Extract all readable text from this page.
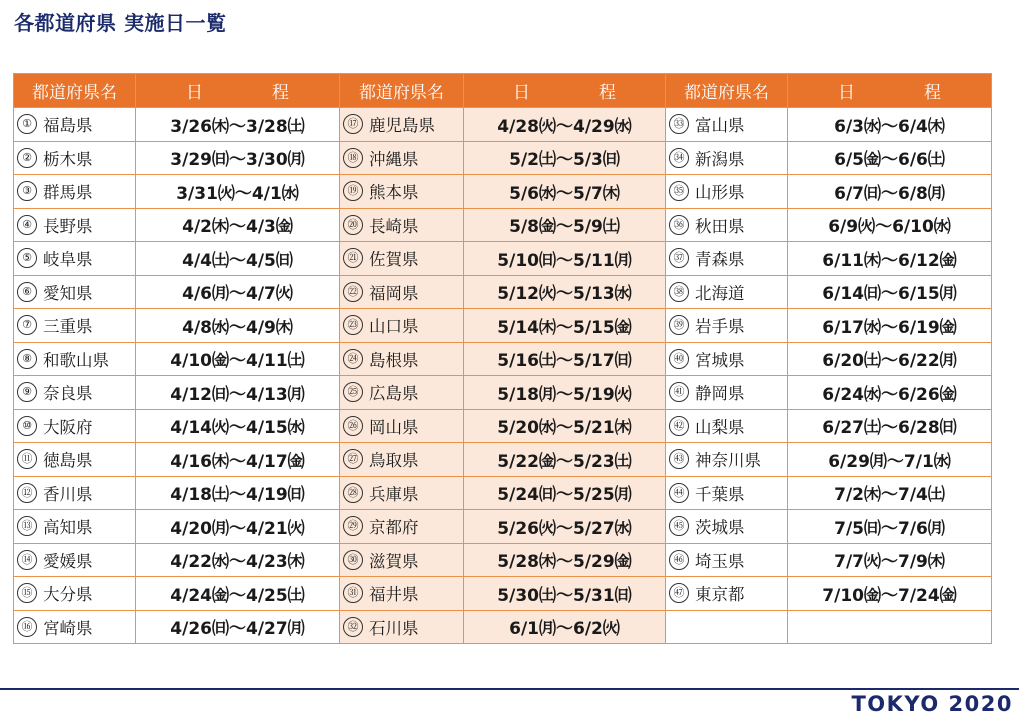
各都道府県 実施日一覧
都道府県名	日　程	都道府県名	日　程	都道府県名	日　程
① 福島県	3/26㈭～3/28㈯	⑰ 鹿児島県	4/28㈫～4/29㈬	㉝ 富山県	6/3㈬～6/4㈭
② 栃木県	3/29㈰～3/30㈪	⑱ 沖縄県	5/2㈯～5/3㈰	㉞ 新潟県	6/5㈮～6/6㈯
③ 群馬県	3/31㈫～4/1㈬	⑲ 熊本県	5/6㈬～5/7㈭	㉟ 山形県	6/7㈰～6/8㈪
④ 長野県	4/2㈭～4/3㈮	⑳ 長崎県	5/8㈮～5/9㈯	㊱ 秋田県	6/9㈫～6/10㈬
⑤ 岐阜県	4/4㈯～4/5㈰	㉑ 佐賀県	5/10㈰～5/11㈪	㊲ 青森県	6/11㈭～6/12㈮
⑥ 愛知県	4/6㈪～4/7㈫	㉒ 福岡県	5/12㈫～5/13㈬	㊳ 北海道	6/14㈰～6/15㈪
⑦ 三重県	4/8㈬～4/9㈭	㉓ 山口県	5/14㈭～5/15㈮	㊴ 岩手県	6/17㈬～6/19㈮
⑧ 和歌山県	4/10㈮～4/11㈯	㉔ 島根県	5/16㈯～5/17㈰	㊵ 宮城県	6/20㈯～6/22㈪
⑨ 奈良県	4/12㈰～4/13㈪	㉕ 広島県	5/18㈪～5/19㈫	㊶ 静岡県	6/24㈬～6/26㈮
⑩ 大阪府	4/14㈫～4/15㈬	㉖ 岡山県	5/20㈬～5/21㈭	㊷ 山梨県	6/27㈯～6/28㈰
⑪ 徳島県	4/16㈭～4/17㈮	㉗ 鳥取県	5/22㈮～5/23㈯	㊸ 神奈川県	6/29㈪～7/1㈬
⑫ 香川県	4/18㈯～4/19㈰	㉘ 兵庫県	5/24㈰～5/25㈪	㊹ 千葉県	7/2㈭～7/4㈯
⑬ 高知県	4/20㈪～4/21㈫	㉙ 京都府	5/26㈫～5/27㈬	㊺ 茨城県	7/5㈰～7/6㈪
⑭ 愛媛県	4/22㈬～4/23㈭	㉚ 滋賀県	5/28㈭～5/29㈮	㊻ 埼玉県	7/7㈫～7/9㈭
⑮ 大分県	4/24㈮～4/25㈯	㉛ 福井県	5/30㈯～5/31㈰	㊼ 東京都	7/10㈮～7/24㈮
⑯ 宮崎県	4/26㈰～4/27㈪	㉜ 石川県	6/1㈪～6/2㈫		
TOKYO 2020
